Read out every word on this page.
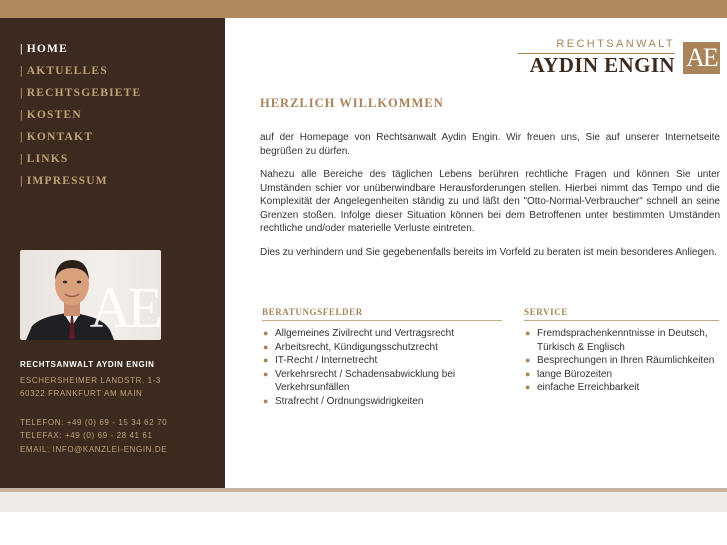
| HOME
| AKTUELLES
| RECHTSGEBIETE
| KOSTEN
| KONTAKT
| LINKS
| IMPRESSUM
AE
RECHTSANWALT AYDIN ENGIN
ESCHERSHEIMER LANDSTR. 1-3
60322 FRANKFURT AM MAIN
TELEFON: +49 (0) 69 - 15 34 62 70
TELEFAX: +49 (0) 69 - 28 41 61
EMAIL: INFO@KANZLEI-ENGIN.DE
RECHTSANWALT
AYDIN ENGIN AE
HERZLICH WILLKOMMEN

auf der Homepage von Rechtsanwalt Aydin Engin. Wir freuen uns, Sie auf unserer Internetseite begrüßen zu dürfen.

Nahezu alle Bereiche des täglichen Lebens berühren rechtliche Fragen und können Sie unter Umständen schier vor unüberwindbare Herausforderungen stellen. Hierbei nimmt das Tempo und die Komplexität der Angelegenheiten ständig zu und läßt den "Otto-Normal-Verbraucher" schnell an seine Grenzen stoßen. Infolge dieser Situation können bei dem Betroffenen unter bestimmten Umständen rechtliche und/oder materielle Verluste eintreten.

Dies zu verhindern und Sie gegebenenfalls bereits im Vorfeld zu beraten ist mein besonderes Anliegen.

BERATUNGSFELDER
● Allgemeines Zivilrecht und Vertragsrecht
● Arbeitsrecht, Kündigungsschutzrecht
● IT-Recht / Internetrecht
● Verkehrsrecht / Schadensabwicklung bei Verkehrsunfällen
● Strafrecht / Ordnungswidrigkeiten
SERVICE
● Fremdsprachenkenntnisse in Deutsch, Türkisch & Englisch
● Besprechungen in Ihren Räumlichkeiten
● lange Bürozeiten
● einfache Erreichbarkeit
